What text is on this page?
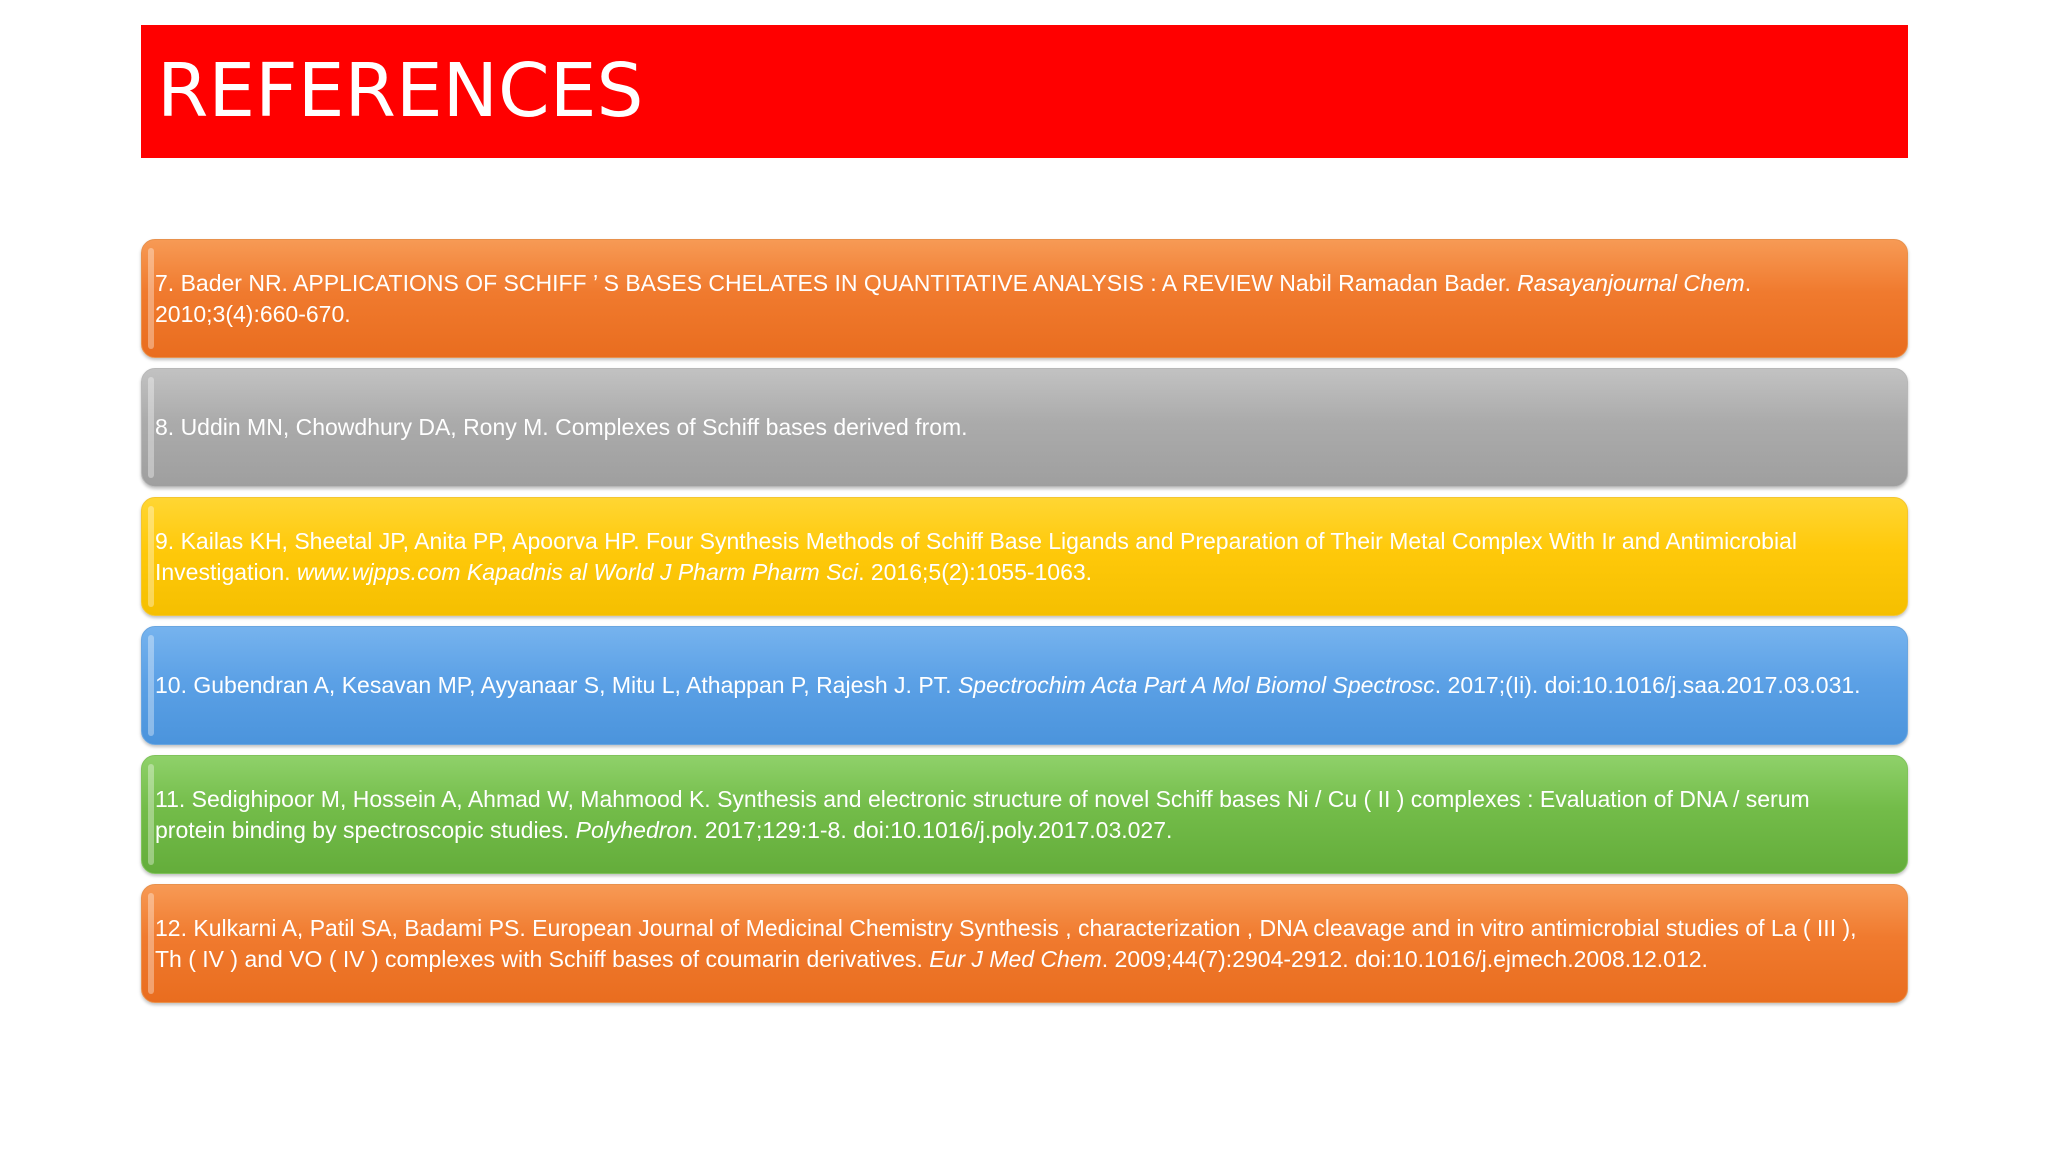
REFERENCES

7. Bader NR. APPLICATIONS OF SCHIFF ’ S BASES CHELATES IN QUANTITATIVE ANALYSIS : A REVIEW Nabil Ramadan Bader. Rasayanjournal Chem. 2010;3(4):660-670.

8. Uddin MN, Chowdhury DA, Rony M. Complexes of Schiff bases derived from.

9. Kailas KH, Sheetal JP, Anita PP, Apoorva HP. Four Synthesis Methods of Schiff Base Ligands and Preparation of Their Metal Complex With Ir and Antimicrobial Investigation. www.wjpps.com Kapadnis al World J Pharm Pharm Sci. 2016;5(2):1055-1063.

10. Gubendran A, Kesavan MP, Ayyanaar S, Mitu L, Athappan P, Rajesh J. PT. Spectrochim Acta Part A Mol Biomol Spectrosc. 2017;(Ii). doi:10.1016/j.saa.2017.03.031.

11. Sedighipoor M, Hossein A, Ahmad W, Mahmood K. Synthesis and electronic structure of novel Schiff bases Ni / Cu ( II ) complexes : Evaluation of DNA / serum protein binding by spectroscopic studies. Polyhedron. 2017;129:1-8. doi:10.1016/j.poly.2017.03.027.

12. Kulkarni A, Patil SA, Badami PS. European Journal of Medicinal Chemistry Synthesis , characterization , DNA cleavage and in vitro antimicrobial studies of La ( III ), Th ( IV ) and VO ( IV ) complexes with Schiff bases of coumarin derivatives. Eur J Med Chem. 2009;44(7):2904-2912. doi:10.1016/j.ejmech.2008.12.012.
